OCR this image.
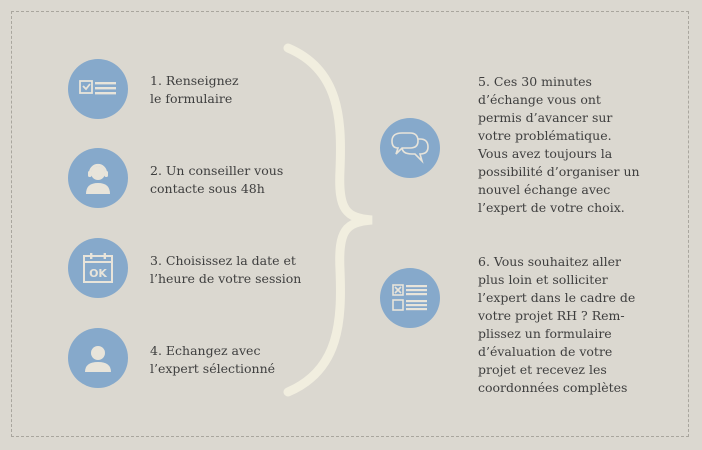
1. Renseignez
le formulaire
2. Un conseiller vous
contacte sous 48h
OK
3. Choisissez la date et
l’heure de votre session
4. Echangez avec
l’expert sélectionné
5. Ces 30 minutes
d’échange vous ont
permis d’avancer sur
votre problématique.
Vous avez toujours la
possibilité d’organiser un
nouvel échange avec
l’expert de votre choix.
6. Vous souhaitez aller
plus loin et solliciter
l’expert dans le cadre de
votre projet RH ? Rem-
plissez un formulaire
d’évaluation de votre
projet et recevez les
coordonnées complètes
